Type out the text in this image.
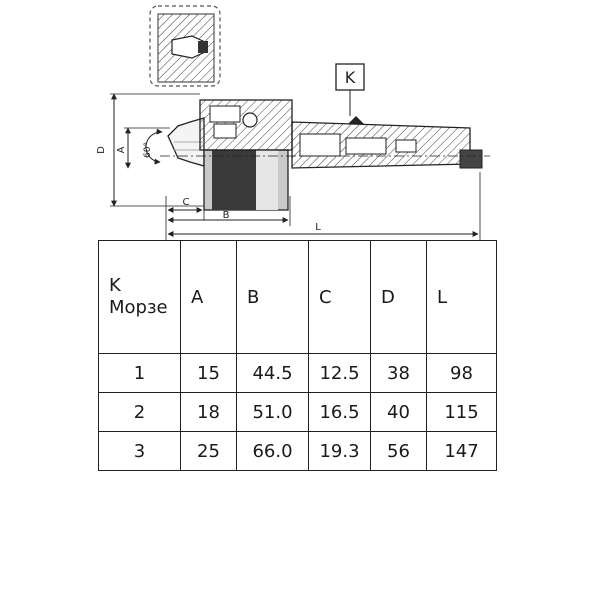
K
D A 60°
C
B
L
K
Морзе	A	B	C	D	L
1	15	44.5	12.5	38	98
2	18	51.0	16.5	40	115
3	25	66.0	19.3	56	147
